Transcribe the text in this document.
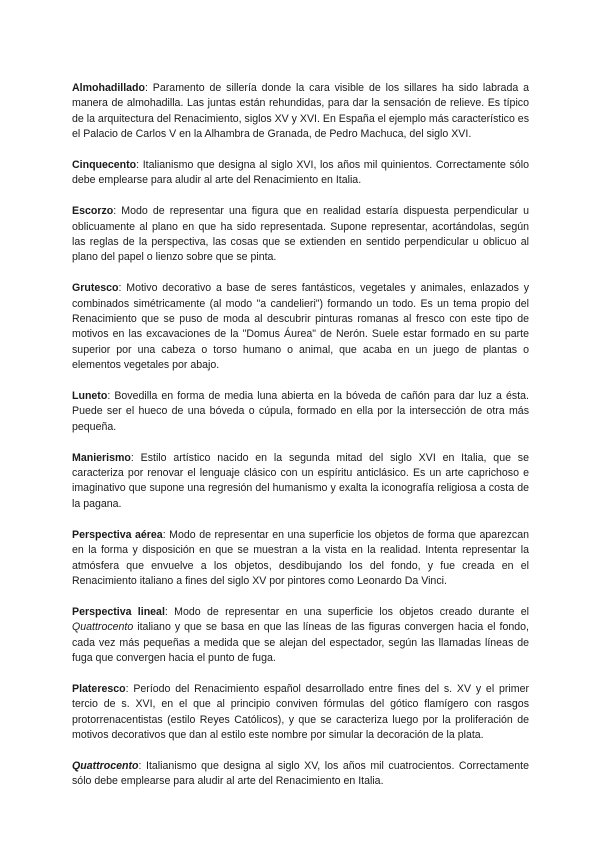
Almohadillado: Paramento de sillería donde la cara visible de los sillares ha sido labrada a manera de almohadilla. Las juntas están rehundidas, para dar la sensación de relieve. Es típico de la arquitectura del Renacimiento, siglos XV y XVI. En España el ejemplo más característico es el Palacio de Carlos V en la Alhambra de Granada, de Pedro Machuca, del siglo XVI.

Cinquecento: Italianismo que designa al siglo XVI, los años mil quinientos. Correctamente sólo debe emplearse para aludir al arte del Renacimiento en Italia.

Escorzo: Modo de representar una figura que en realidad estaría dispuesta perpendicular u oblicuamente al plano en que ha sido representada. Supone representar, acortándolas, según las reglas de la perspectiva, las cosas que se extienden en sentido perpendicular u oblicuo al plano del papel o lienzo sobre que se pinta.

Grutesco: Motivo decorativo a base de seres fantásticos, vegetales y animales, enlazados y combinados simétricamente (al modo "a candelieri") formando un todo. Es un tema propio del Renacimiento que se puso de moda al descubrir pinturas romanas al fresco con este tipo de motivos en las excavaciones de la "Domus Áurea" de Nerón. Suele estar formado en su parte superior por una cabeza o torso humano o animal, que acaba en un juego de plantas o elementos vegetales por abajo.

Luneto: Bovedilla en forma de media luna abierta en la bóveda de cañón para dar luz a ésta. Puede ser el hueco de una bóveda o cúpula, formado en ella por la intersección de otra más pequeña.

Manierismo: Estilo artístico nacido en la segunda mitad del siglo XVI en Italia, que se caracteriza por renovar el lenguaje clásico con un espíritu anticlásico. Es un arte caprichoso e imaginativo que supone una regresión del humanismo y exalta la iconografía religiosa a costa de la pagana.

Perspectiva aérea: Modo de representar en una superficie los objetos de forma que aparezcan en la forma y disposición en que se muestran a la vista en la realidad. Intenta representar la atmósfera que envuelve a los objetos, desdibujando los del fondo, y fue creada en el Renacimiento italiano a fines del siglo XV por pintores como Leonardo Da Vinci.

Perspectiva lineal: Modo de representar en una superficie los objetos creado durante el Quattrocento italiano y que se basa en que las líneas de las figuras convergen hacia el fondo, cada vez más pequeñas a medida que se alejan del espectador, según las llamadas líneas de fuga que convergen hacia el punto de fuga.

Plateresco: Período del Renacimiento español desarrollado entre fines del s. XV y el primer tercio de s. XVI, en el que al principio conviven fórmulas del gótico flamígero con rasgos protorrenacentistas (estilo Reyes Católicos), y que se caracteriza luego por la proliferación de motivos decorativos que dan al estilo este nombre por simular la decoración de la plata.

Quattrocento: Italianismo que designa al siglo XV, los años mil cuatrocientos. Correctamente sólo debe emplearse para aludir al arte del Renacimiento en Italia.
